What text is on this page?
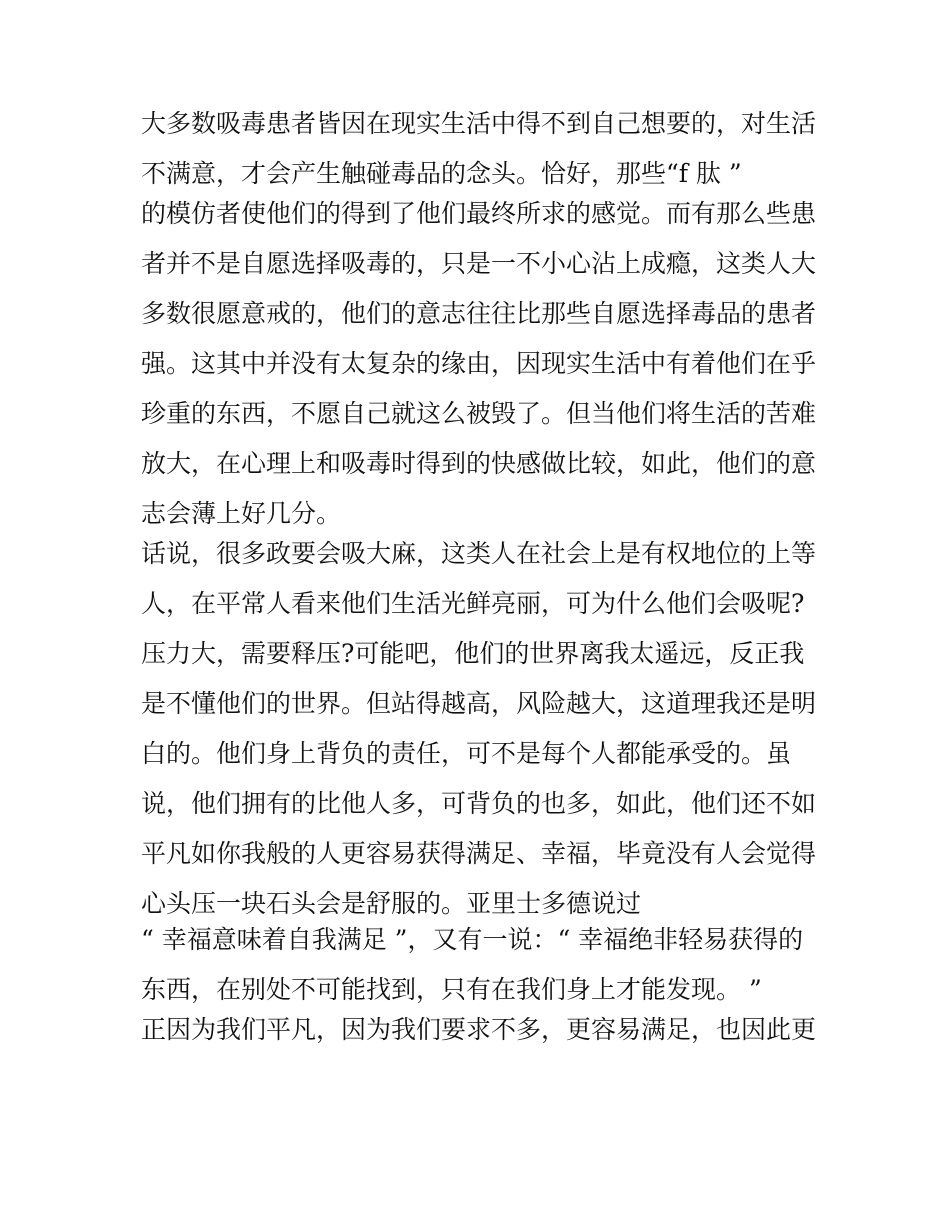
大多数吸毒患者皆因在现实生活中得不到自己想要的，对生活
不满意，才会产生触碰毒品的念头。恰好，那些“f 肽 ”
的模仿者使他们的得到了他们最终所求的感觉。而有那么些患
者并不是自愿选择吸毒的，只是一不小心沾上成瘾，这类人大
多数很愿意戒的，他们的意志往往比那些自愿选择毒品的患者
强。这其中并没有太复杂的缘由，因现实生活中有着他们在乎
珍重的东西，不愿自己就这么被毁了。但当他们将生活的苦难
放大，在心理上和吸毒时得到的快感做比较，如此，他们的意
志会薄上好几分。
话说，很多政要会吸大麻，这类人在社会上是有权地位的上等
人，在平常人看来他们生活光鲜亮丽，可为什么他们会吸呢?
压力大，需要释压?可能吧，他们的世界离我太遥远，反正我
是不懂他们的世界。但站得越高，风险越大，这道理我还是明
白的。他们身上背负的责任，可不是每个人都能承受的。虽
说，他们拥有的比他人多，可背负的也多，如此，他们还不如
平凡如你我般的人更容易获得满足、幸福，毕竟没有人会觉得
心头压一块石头会是舒服的。亚里士多德说过
“ 幸福意味着自我满足 ”，又有一说：“ 幸福绝非轻易获得的
东西，在别处不可能找到，只有在我们身上才能发现。 ”
正因为我们平凡，因为我们要求不多，更容易满足，也因此更
